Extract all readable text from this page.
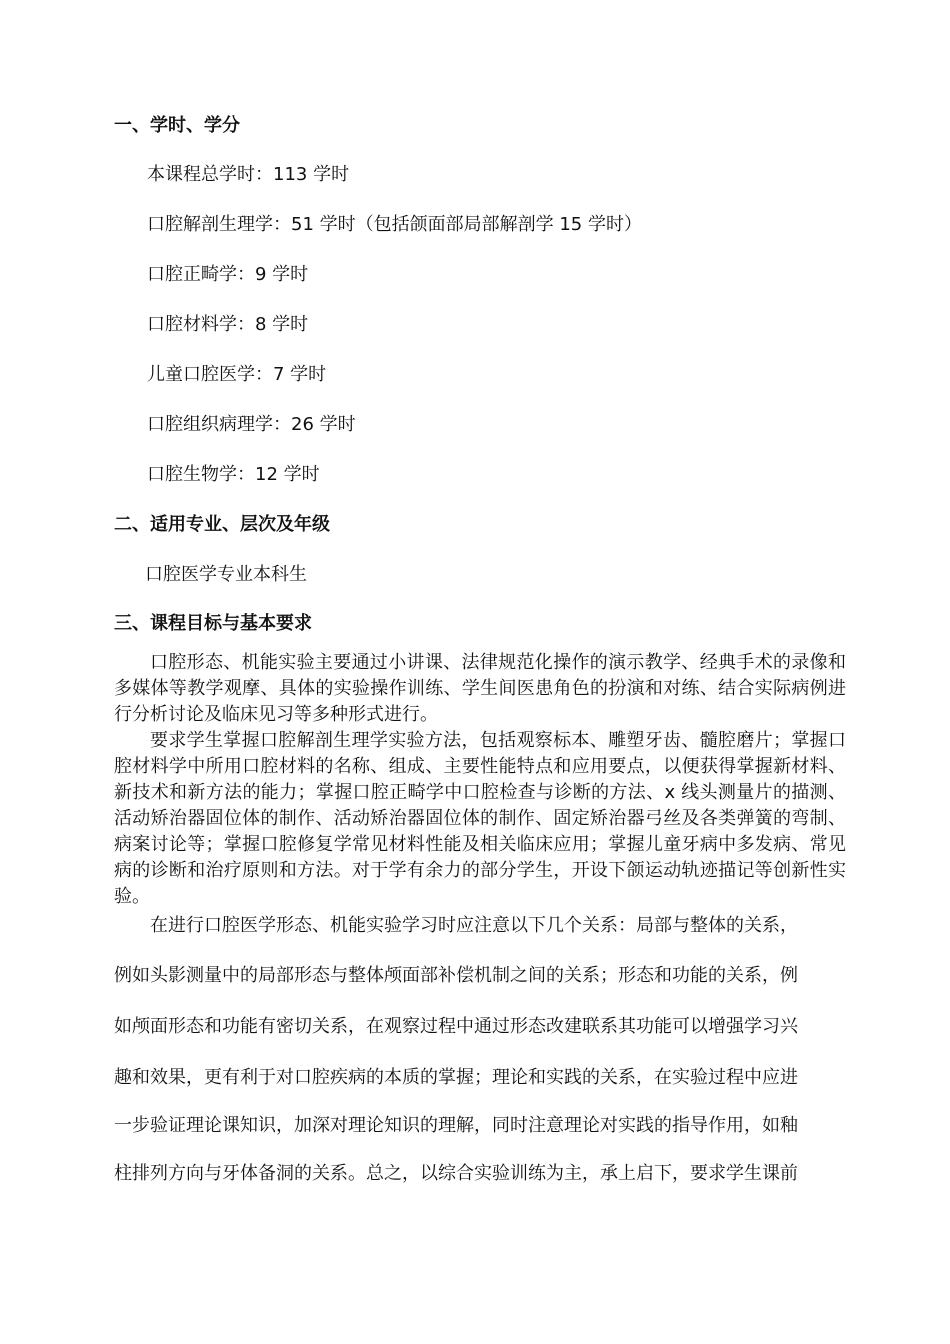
一、学时、学分
本课程总学时：113 学时
口腔解剖生理学：51 学时（包括颌面部局部解剖学 15 学时）
口腔正畸学：9 学时
口腔材料学：8 学时
儿童口腔医学：7 学时
口腔组织病理学：26 学时
口腔生物学：12 学时
二、适用专业、层次及年级
口腔医学专业本科生
三、课程目标与基本要求
口腔形态、机能实验主要通过小讲课、法律规范化操作的演示教学、经典手术的录像和多媒体等教学观摩、具体的实验操作训练、学生间医患角色的扮演和对练、结合实际病例进行分析讨论及临床见习等多种形式进行。
要求学生掌握口腔解剖生理学实验方法，包括观察标本、雕塑牙齿、髓腔磨片；掌握口腔材料学中所用口腔材料的名称、组成、主要性能特点和应用要点，以便获得掌握新材料、新技术和新方法的能力；掌握口腔正畸学中口腔检查与诊断的方法、x 线头测量片的描测、活动矫治器固位体的制作、活动矫治器固位体的制作、固定矫治器弓丝及各类弹簧的弯制、病案讨论等；掌握口腔修复学常见材料性能及相关临床应用；掌握儿童牙病中多发病、常见病的诊断和治疗原则和方法。对于学有余力的部分学生，开设下颌运动轨迹描记等创新性实验。
在进行口腔医学形态、机能实验学习时应注意以下几个关系：局部与整体的关系，
例如头影测量中的局部形态与整体颅面部补偿机制之间的关系；形态和功能的关系，例
如颅面形态和功能有密切关系，在观察过程中通过形态改建联系其功能可以增强学习兴
趣和效果，更有利于对口腔疾病的本质的掌握；理论和实践的关系，在实验过程中应进
一步验证理论课知识，加深对理论知识的理解，同时注意理论对实践的指导作用，如釉
柱排列方向与牙体备洞的关系。总之，以综合实验训练为主，承上启下，要求学生课前
